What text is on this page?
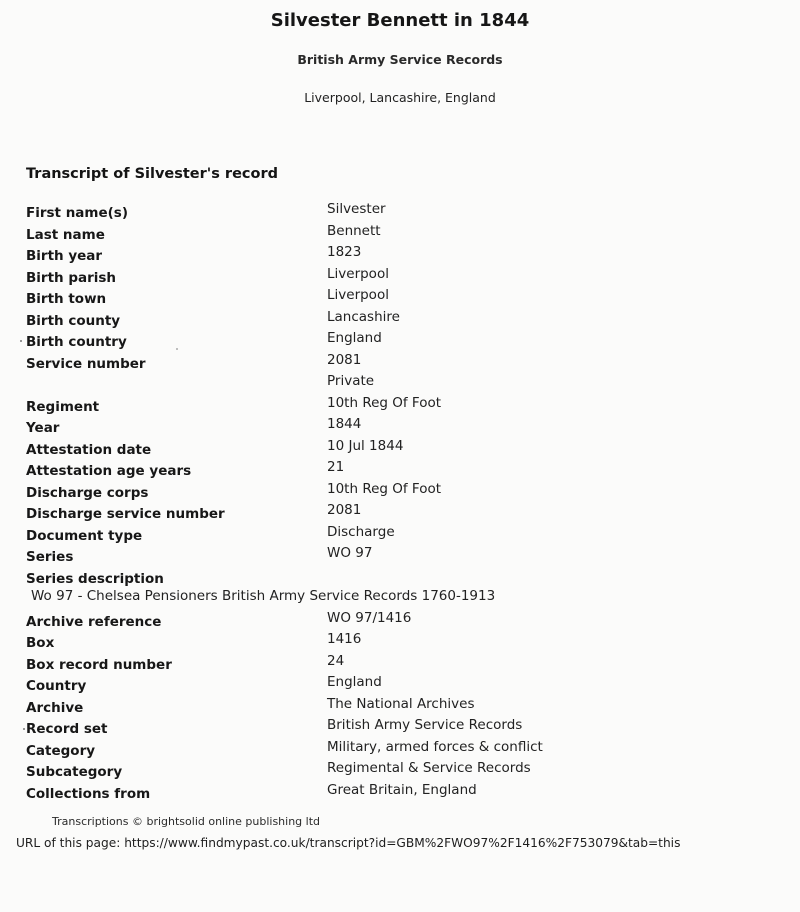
Silvester Bennett in 1844
British Army Service Records
Liverpool, Lancashire, England
Transcript of Silvester's record
First name(s)	Silvester
Last name	Bennett
Birth year	1823
Birth parish	Liverpool
Birth town	Liverpool
Birth county	Lancashire
Birth country	England
Service number	2081
Private
Regiment	10th Reg Of Foot
Year	1844
Attestation date	10 Jul 1844
Attestation age years	21
Discharge corps	10th Reg Of Foot
Discharge service number	2081
Document type	Discharge
Series	WO 97
Series description
Wo 97 - Chelsea Pensioners British Army Service Records 1760-1913
Archive reference	WO 97/1416
Box	1416
Box record number	24
Country	England
Archive	The National Archives
Record set	British Army Service Records
Category	Military, armed forces & conflict
Subcategory	Regimental & Service Records
Collections from	Great Britain, England
Transcriptions © brightsolid online publishing ltd
URL of this page: https://www.findmypast.co.uk/transcript?id=GBM%2FWO97%2F1416%2F753079&tab=this
